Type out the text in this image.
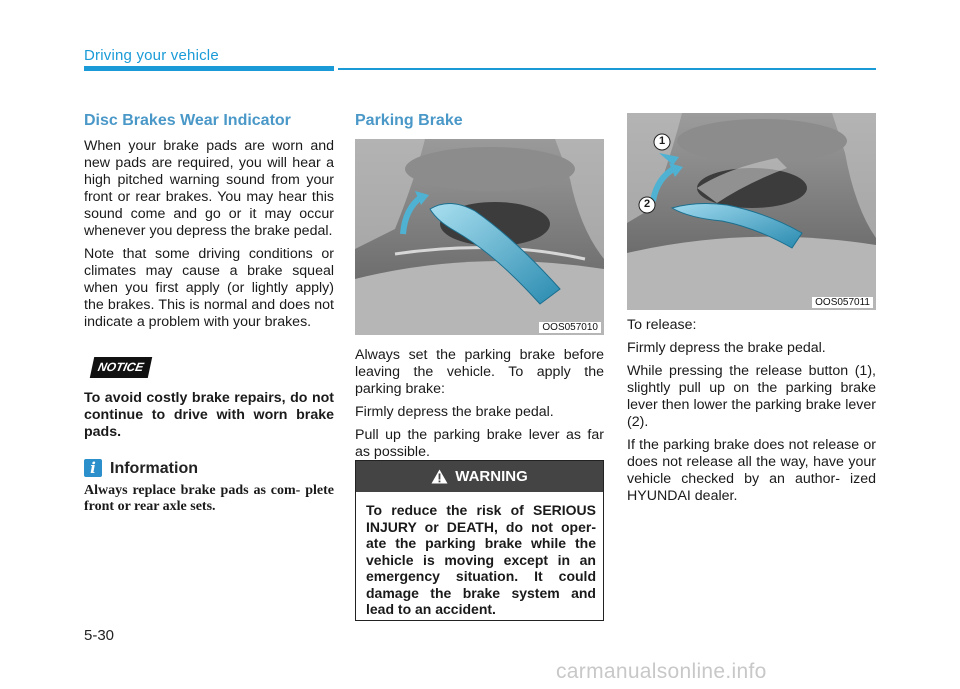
Driving your vehicle
Disc Brakes Wear Indicator

When your brake pads are worn and new pads are required, you will hear a high pitched warning sound from your front or rear brakes. You may hear this sound come and go or it may occur whenever you depress the brake pedal.

Note that some driving conditions or climates may cause a brake squeal when you first apply (or lightly apply) the brakes. This is normal and does not indicate a problem with your brakes.

NOTICE

To avoid costly brake repairs, do not continue to drive with worn brake pads.

i Information

Always replace brake pads as com- plete front or rear axle sets.

Parking Brake
OOS057010

Always set the parking brake before leaving the vehicle. To apply the parking brake:

Firmly depress the brake pedal.

Pull up the parking brake lever as far as possible.

WARNING
To reduce the risk of SERIOUS INJURY or DEATH, do not oper- ate the parking brake while the vehicle is moving except in an emergency situation. It could damage the brake system and lead to an accident.
1
2
OOS057011

To release:

Firmly depress the brake pedal.

While pressing the release button (1), slightly pull up on the parking brake lever then lower the parking brake lever (2).

If the parking brake does not release or does not release all the way, have your vehicle checked by an author- ized HYUNDAI dealer.

5-30
carmanualsonline.info
